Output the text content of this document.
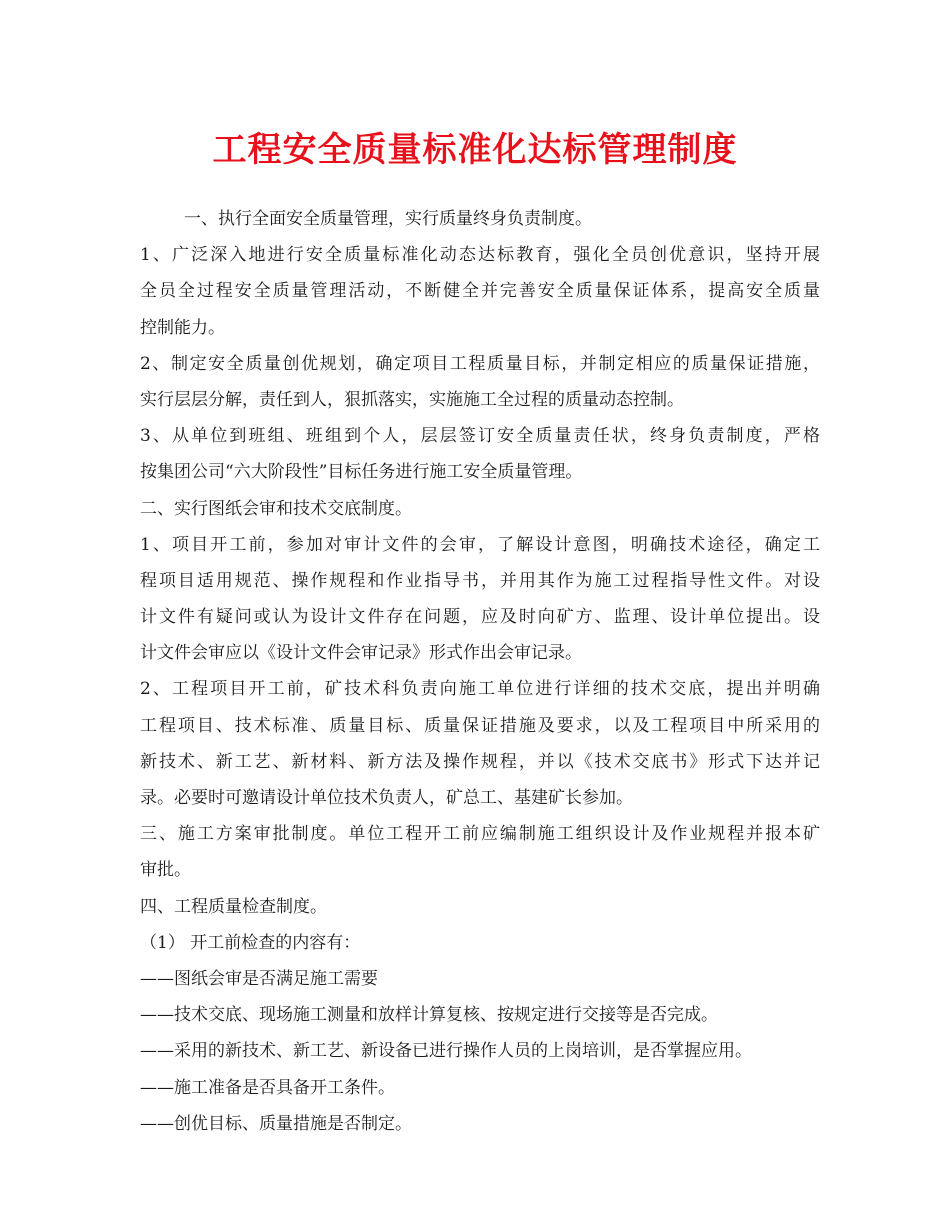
工程安全质量标准化达标管理制度
一、执行全面安全质量管理，实行质量终身负责制度。
1、广泛深入地进行安全质量标准化动态达标教育，强化全员创优意识，坚持开展
全员全过程安全质量管理活动，不断健全并完善安全质量保证体系，提高安全质量
控制能力。
2、制定安全质量创优规划，确定项目工程质量目标，并制定相应的质量保证措施，
实行层层分解，责任到人，狠抓落实，实施施工全过程的质量动态控制。
3、从单位到班组、班组到个人，层层签订安全质量责任状，终身负责制度，严格
按集团公司“六大阶段性”目标任务进行施工安全质量管理。
二、实行图纸会审和技术交底制度。
1、项目开工前，参加对审计文件的会审，了解设计意图，明确技术途径，确定工
程项目适用规范、操作规程和作业指导书，并用其作为施工过程指导性文件。对设
计文件有疑问或认为设计文件存在问题，应及时向矿方、监理、设计单位提出。设
计文件会审应以《设计文件会审记录》形式作出会审记录。
2、工程项目开工前，矿技术科负责向施工单位进行详细的技术交底，提出并明确
工程项目、技术标准、质量目标、质量保证措施及要求，以及工程项目中所采用的
新技术、新工艺、新材料、新方法及操作规程，并以《技术交底书》形式下达并记
录。必要时可邀请设计单位技术负责人，矿总工、基建矿长参加。
三、施工方案审批制度。单位工程开工前应编制施工组织设计及作业规程并报本矿
审批。
四、工程质量检查制度。
（1） 开工前检查的内容有：
——图纸会审是否满足施工需要
——技术交底、现场施工测量和放样计算复核、按规定进行交接等是否完成。
——采用的新技术、新工艺、新设备已进行操作人员的上岗培训，是否掌握应用。
——施工准备是否具备开工条件。
——创优目标、质量措施是否制定。
